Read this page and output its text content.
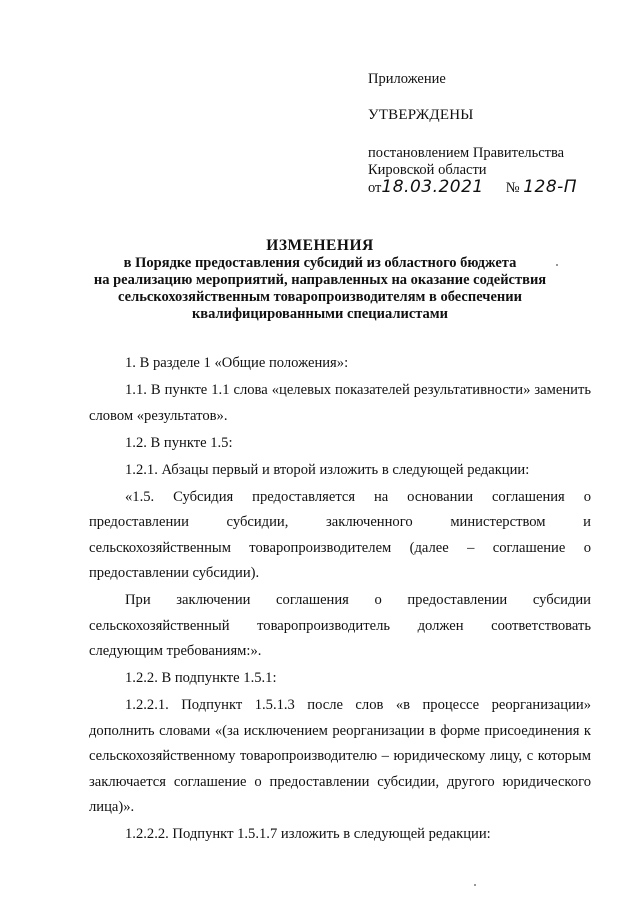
Приложение
УТВЕРЖДЕНЫ
постановлением Правительства
Кировской области
от18.03.2021 № 128-П
ИЗМЕНЕНИЯ
в Порядке предоставления субсидий из областного бюджета
на реализацию мероприятий, направленных на оказание содействия
сельскохозяйственным товаропроизводителям в обеспечении
квалифицированными специалистами

1. В разделе 1 «Общие положения»:

1.1. В пункте 1.1 слова «целевых показателей результативности» заменить словом «результатов».

1.2. В пункте 1.5:

1.2.1. Абзацы первый и второй изложить в следующей редакции:

«1.5. Субсидия предоставляется на основании соглашения о предоставлении субсидии, заключенного министерством и сельскохозяйственным товаропроизводителем (далее – соглашение о предоставлении субсидии).

При заключении соглашения о предоставлении субсидии сельскохозяйственный товаропроизводитель должен соответствовать следующим требованиям:».

1.2.2. В подпункте 1.5.1:

1.2.2.1. Подпункт 1.5.1.3 после слов «в процессе реорганизации» дополнить словами «(за исключением реорганизации в форме присоединения к сельскохозяйственному товаропроизводителю – юридическому лицу, с которым заключается соглашение о предоставлении субсидии, другого юридического лица)».

1.2.2.2. Подпункт 1.5.1.7 изложить в следующей редакции:
